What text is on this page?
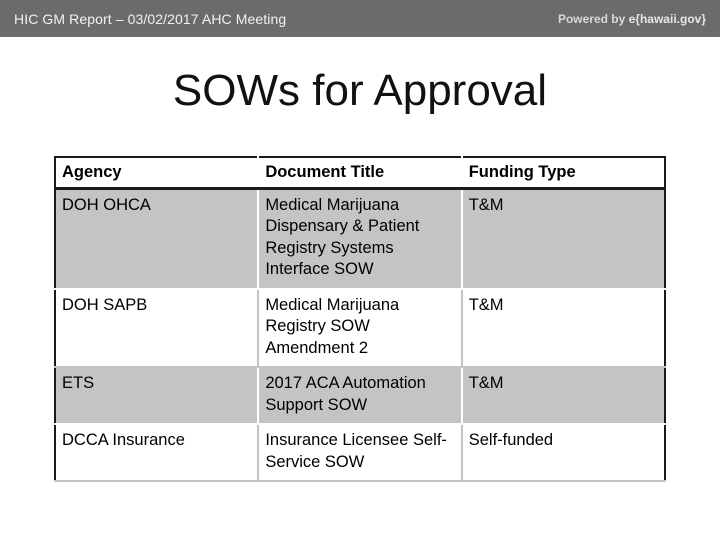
HIC GM Report – 03/02/2017 AHC Meeting	Powered by e{hawaii.gov}
SOWs for Approval
Agency	Document Title	Funding Type
DOH OHCA	Medical Marijuana Dispensary & Patient Registry Systems Interface SOW	T&M
DOH SAPB	Medical Marijuana Registry SOW Amendment 2	T&M
ETS	2017 ACA Automation Support SOW	T&M
DCCA Insurance	Insurance Licensee Self-Service SOW	Self-funded
